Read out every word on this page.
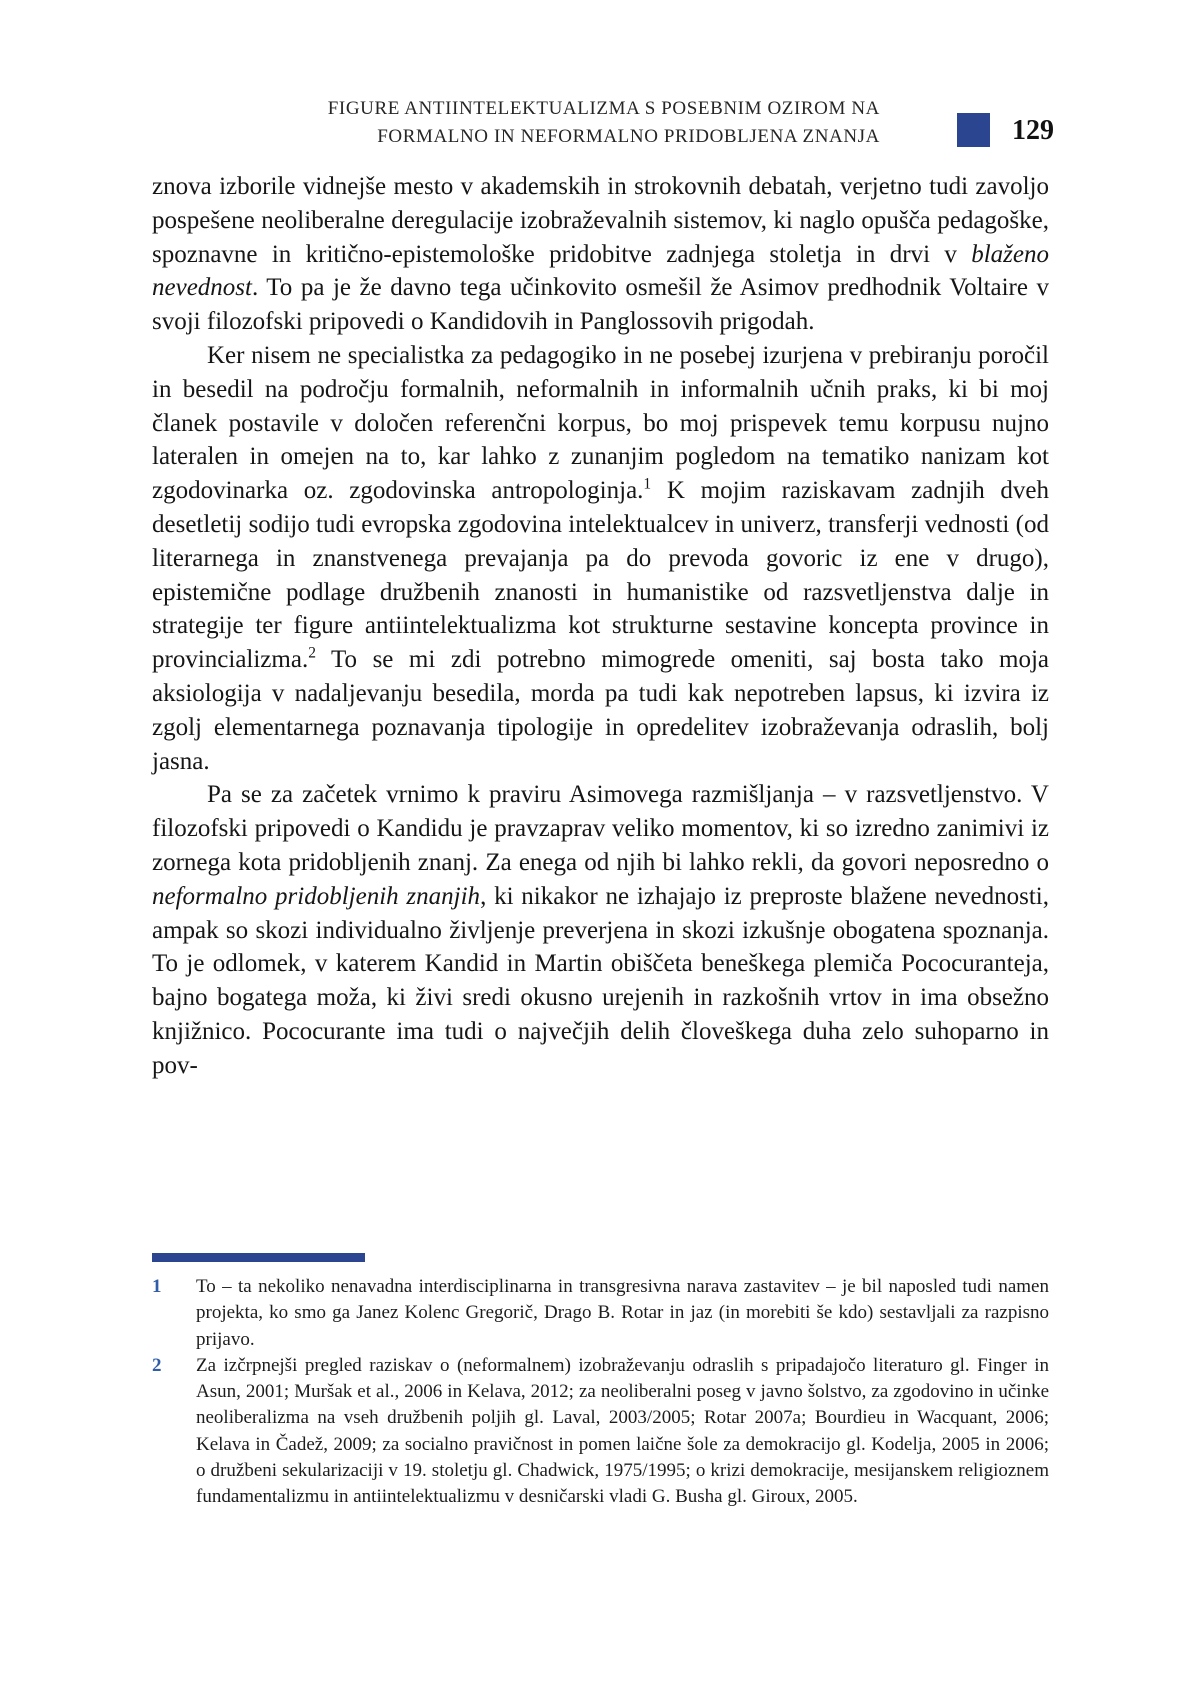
FIGURE ANTIINTELEKTUALIZMA S POSEBNIM OZIROM NA
FORMALNO IN NEFORMALNO PRIDOBLJENA ZNANJA	129

znova izborile vidnejše mesto v akademskih in strokovnih debatah, verjetno tudi zavoljo pospešene neoliberalne deregulacije izobraževalnih sistemov, ki naglo opušča pedagoške, spoznavne in kritično-epistemološke pridobitve zadnjega stoletja in drvi v blaženo nevednost. To pa je že davno tega učinkovito osmešil že Asimov predhodnik Voltaire v svoji filozofski pripovedi o Kandidovih in Panglossovih prigodah.

Ker nisem ne specialistka za pedagogiko in ne posebej izurjena v prebiranju poročil in besedil na področju formalnih, neformalnih in informalnih učnih praks, ki bi moj članek postavile v določen referenčni korpus, bo moj prispevek temu korpusu nujno lateralen in omejen na to, kar lahko z zunanjim pogledom na tematiko nanizam kot zgodovinarka oz. zgodovinska antropologinja.$^1$ K mojim raziskavam zadnjih dveh desetletij sodijo tudi evropska zgodovina intelektualcev in univerz, transferji vednosti (od literarnega in znanstvenega prevajanja pa do prevoda govoric iz ene v drugo), epistemične podlage družbenih znanosti in humanistike od razsvetljenstva dalje in strategije ter figure antiintelektualizma kot strukturne sestavine koncepta province in provincializma.$^2$ To se mi zdi potrebno mimogrede omeniti, saj bosta tako moja aksiologija v nadaljevanju besedila, morda pa tudi kak nepotreben lapsus, ki izvira iz zgolj elementarnega poznavanja tipologije in opredelitev izobraževanja odraslih, bolj jasna.

Pa se za začetek vrnimo k praviru Asimovega razmišljanja – v razsvetljenstvo. V filozofski pripovedi o Kandidu je pravzaprav veliko momentov, ki so izredno zanimivi iz zornega kota pridobljenih znanj. Za enega od njih bi lahko rekli, da govori neposredno o neformalno pridobljenih znanjih, ki nikakor ne izhajajo iz preproste blažene nevednosti, ampak so skozi individualno življenje preverjena in skozi izkušnje obogatena spoznanja. To je odlomek, v katerem Kandid in Martin obiščeta beneškega plemiča Pococuranteja, bajno bogatega moža, ki živi sredi okusno urejenih in razkošnih vrtov in ima obsežno knjižnico. Pococurante ima tudi o največjih delih človeškega duha zelo suhoparno in pov-

1	To – ta nekoliko nenavadna interdisciplinarna in transgresivna narava zastavitev – je bil naposled tudi namen projekta, ko smo ga Janez Kolenc Gregorič, Drago B. Rotar in jaz (in morebiti še kdo) sestavljali za razpisno prijavo.
2	Za izčrpnejši pregled raziskav o (neformalnem) izobraževanju odraslih s pripadajočo literaturo gl. Finger in Asun, 2001; Muršak et al., 2006 in Kelava, 2012; za neoliberalni poseg v javno šolstvo, za zgodovino in učinke neoliberalizma na vseh družbenih poljih gl. Laval, 2003/2005; Rotar 2007a; Bourdieu in Wacquant, 2006; Kelava in Čadež, 2009; za socialno pravičnost in pomen laične šole za demokracijo gl. Kodelja, 2005 in 2006; o družbeni sekularizaciji v 19. stoletju gl. Chadwick, 1975/1995; o krizi demokracije, mesijanskem religioznem fundamentalizmu in antiintelektualizmu v desničarski vladi G. Busha gl. Giroux, 2005.
